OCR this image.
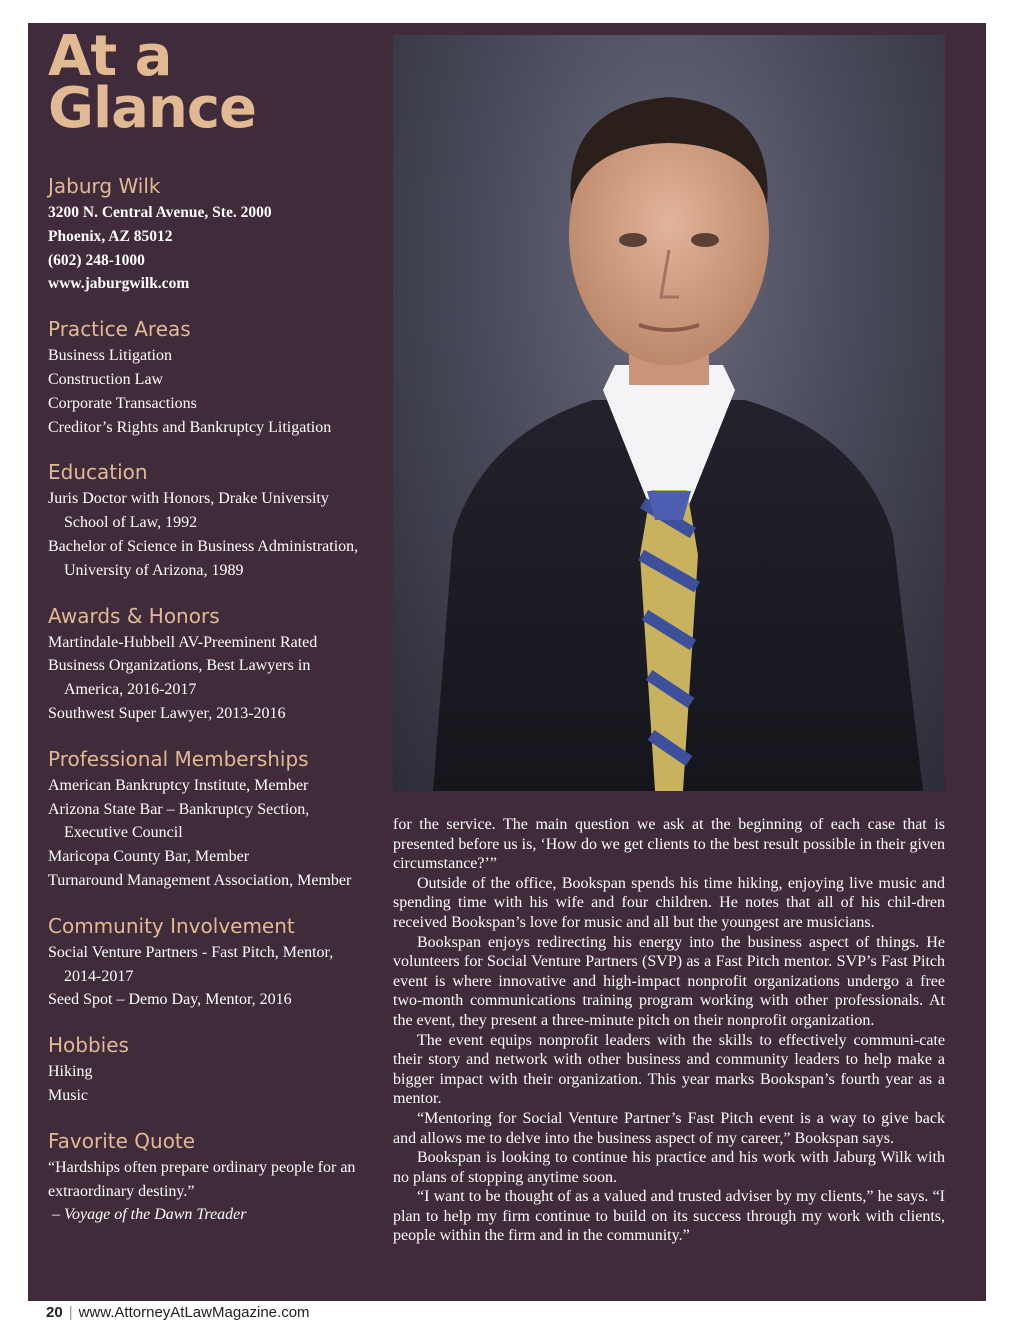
At a
Glance
Jaburg Wilk
3200 N. Central Avenue, Ste. 2000
Phoenix, AZ 85012
(602) 248-1000
www.jaburgwilk.com
Practice Areas
Business Litigation
Construction Law
Corporate Transactions
Creditor’s Rights and Bankruptcy Litigation
Education
Juris Doctor with Honors, Drake University School of Law, 1992
Bachelor of Science in Business Administration, University of Arizona, 1989
Awards & Honors
Martindale-Hubbell AV-Preeminent Rated
Business Organizations, Best Lawyers in America, 2016-2017
Southwest Super Lawyer, 2013-2016
Professional Memberships
American Bankruptcy Institute, Member
Arizona State Bar – Bankruptcy Section, Executive Council
Maricopa County Bar, Member
Turnaround Management Association, Member
Community Involvement
Social Venture Partners - Fast Pitch, Mentor, 2014-2017
Seed Spot – Demo Day, Mentor, 2016
Hobbies
Hiking
Music
Favorite Quote
“Hardships often prepare ordinary people for an extraordinary destiny.”
– Voyage of the Dawn Treader

for the service. The main question we ask at the beginning of each case that is presented before us is, ‘How do we get clients to the best result possible in their given circumstance?’”

Outside of the office, Bookspan spends his time hiking, enjoying live music and spending time with his wife and four children. He notes that all of his chil-dren received Bookspan’s love for music and all but the youngest are musicians.

Bookspan enjoys redirecting his energy into the business aspect of things. He volunteers for Social Venture Partners (SVP) as a Fast Pitch mentor. SVP’s Fast Pitch event is where innovative and high-impact nonprofit organizations undergo a free two-month communications training program working with other professionals. At the event, they present a three-minute pitch on their nonprofit organization.

The event equips nonprofit leaders with the skills to effectively communi-cate their story and network with other business and community leaders to help make a bigger impact with their organization. This year marks Bookspan’s fourth year as a mentor.

“Mentoring for Social Venture Partner’s Fast Pitch event is a way to give back and allows me to delve into the business aspect of my career,” Bookspan says.

Bookspan is looking to continue his practice and his work with Jaburg Wilk with no plans of stopping anytime soon.

“I want to be thought of as a valued and trusted adviser by my clients,” he says. “I plan to help my firm continue to build on its success through my work with clients, people within the firm and in the community.”

20 | www.AttorneyAtLawMagazine.com
